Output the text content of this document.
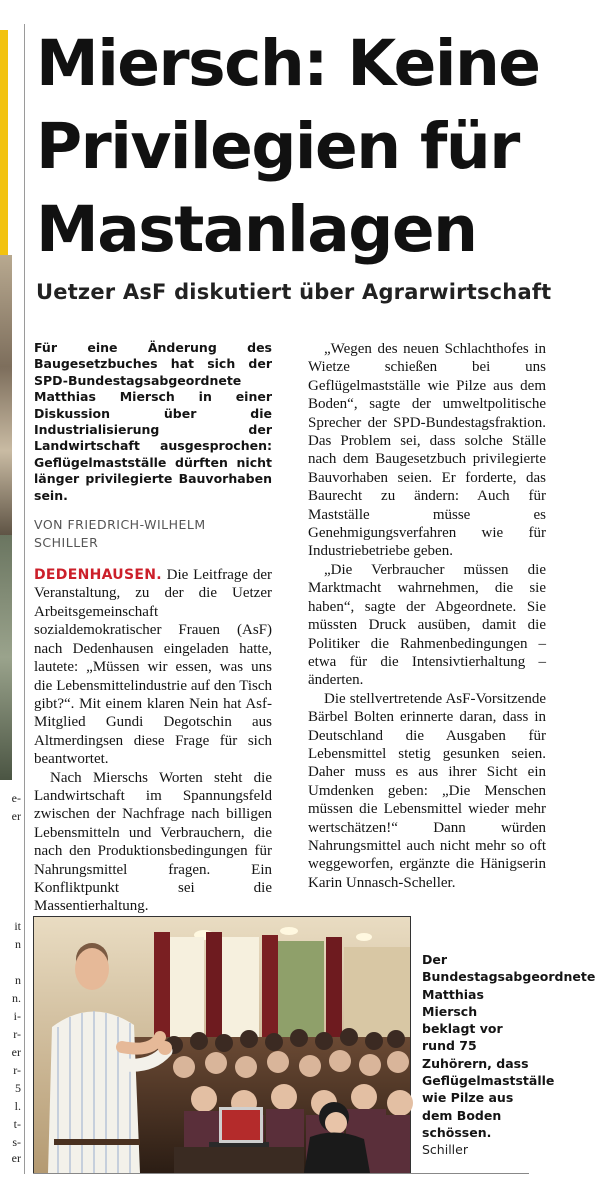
e-
er
it
n
n
n.
i-
r-
er
r-
5
l.
t-
s-
er
Miersch: Keine Privilegien für Mastanlagen
Uetzer AsF diskutiert über Agrarwirtschaft

Für eine Änderung des Baugesetzbuches hat sich der SPD-Bundestagsabgeordnete Matthias Miersch in einer Diskussion über die Industrialisierung der Landwirtschaft ausgesprochen: Geflügelmastställe dürften nicht länger privilegierte Bauvorhaben sein.

VON FRIEDRICH-WILHELM SCHILLER

DEDENHAUSEN. Die Leitfrage der Veranstaltung, zu der die Uetzer Arbeitsgemeinschaft sozialdemokratischer Frauen (AsF) nach Dedenhausen eingeladen hatte, lautete: „Müssen wir essen, was uns die Lebensmittelindustrie auf den Tisch gibt?“. Mit einem klaren Nein hat Asf-Mitglied Gundi Degotschin aus Altmerdingsen diese Frage für sich beantwortet.

Nach Mierschs Worten steht die Landwirtschaft im Spannungsfeld zwischen der Nachfrage nach billigen Lebensmitteln und Verbrauchern, die nach den Produktionsbedingungen für Nahrungsmittel fragen. Ein Konfliktpunkt sei die Massentierhaltung.

„Wegen des neuen Schlachthofes in Wietze schießen bei uns Geflügelmastställe wie Pilze aus dem Boden“, sagte der umweltpolitische Sprecher der SPD-Bundestagsfraktion. Das Problem sei, dass solche Ställe nach dem Baugesetzbuch privilegierte Bauvorhaben seien. Er forderte, das Baurecht zu ändern: Auch für Mastställe müsse es Genehmigungsverfahren wie für Industriebetriebe geben.

„Die Verbraucher müssen die Marktmacht wahrnehmen, die sie haben“, sagte der Abgeordnete. Sie müssten Druck ausüben, damit die Politiker die Rahmenbedingungen – etwa für die Intensivtierhaltung – änderten.

Die stellvertretende AsF-Vorsitzende Bärbel Bolten erinnerte daran, dass in Deutschland die Ausgaben für Lebensmittel stetig gesunken seien. Daher muss es aus ihrer Sicht ein Umdenken geben: „Die Menschen müssen die Lebensmittel wieder mehr wertschätzen!“ Dann würden Nahrungsmittel auch nicht mehr so oft weggeworfen, ergänzte die Hänigserin Karin Unnasch-Scheller.

Der Bundestagsabgeordnete Matthias Miersch beklagt vor rund 75 Zuhörern, dass Geflügelmastställe wie Pilze aus dem Boden schössen.
Schiller
